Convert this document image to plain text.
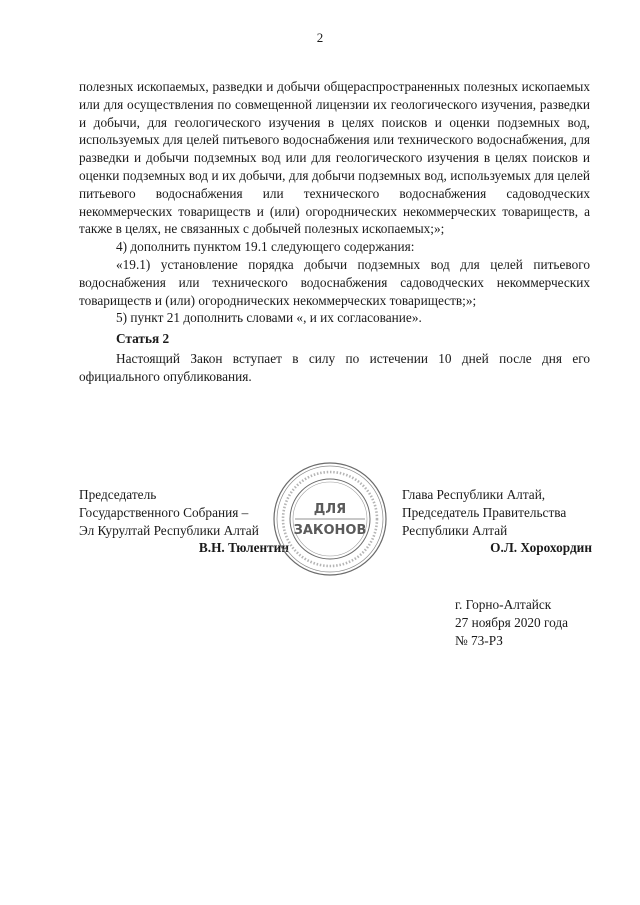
2

полезных ископаемых, разведки и добычи общераспространенных полезных ископаемых или для осуществления по совмещенной лицензии их геологического изучения, разведки и добычи, для геологического изучения в целях поисков и оценки подземных вод, используемых для целей питьевого водоснабжения или технического водоснабжения, для разведки и добычи подземных вод или для геологического изучения в целях поисков и оценки подземных вод и их добычи, для добычи подземных вод, используемых для целей питьевого водоснабжения или технического водоснабжения садоводческих некоммерческих товариществ и (или) огороднических некоммерческих товариществ, а также в целях, не связанных с добычей полезных ископаемых;»;

4) дополнить пунктом 19.1 следующего содержания:

«19.1) установление порядка добычи подземных вод для целей питьевого водоснабжения или технического водоснабжения садоводческих некоммерческих товариществ и (или) огороднических некоммерческих товариществ;»;

5) пункт 21 дополнить словами «, и их согласование».

Статья 2

Настоящий Закон вступает в силу по истечении 10 дней после дня его официального опубликования.

Председатель
Государственного Собрания –
Эл Курултай Республики Алтай
В.Н. Тюлентин
Глава Республики Алтай,
Председатель Правительства
Республики Алтай
О.Л. Хорохордин
ДЛЯ
ЗАКОНОВ
г. Горно-Алтайск
27 ноября 2020 года
№ 73-РЗ
